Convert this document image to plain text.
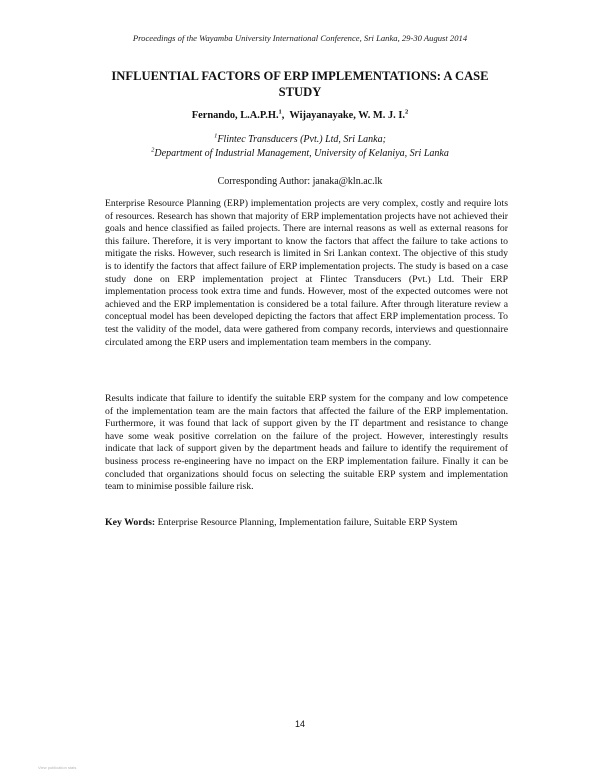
Proceedings of the Wayamba University International Conference, Sri Lanka, 29-30 August 2014
INFLUENTIAL FACTORS OF ERP IMPLEMENTATIONS: A CASE STUDY
Fernando, L.A.P.H.$^1$,  Wijayanayake, W. M. J. I.$^2$
$^1$Flintec Transducers (Pvt.) Ltd, Sri Lanka;
$^2$Department of Industrial Management, University of Kelaniya, Sri Lanka
Corresponding Author: janaka@kln.ac.lk

Enterprise Resource Planning (ERP) implementation projects are very complex, costly and require lots of resources. Research has shown that majority of ERP implementation projects have not achieved their goals and hence classified as failed projects. There are internal reasons as well as external reasons for this failure. Therefore, it is very important to know the factors that affect the failure to take actions to mitigate the risks. However, such research is limited in Sri Lankan context. The objective of this study is to identify the factors that affect failure of ERP implementation projects. The study is based on a case study done on ERP implementation project at Flintec Transducers (Pvt.) Ltd. Their ERP implementation process took extra time and funds. However, most of the expected outcomes were not achieved and the ERP implementation is considered be a total failure. After through literature review a conceptual model has been developed depicting the factors that affect ERP implementation process. To test the validity of the model, data were gathered from company records, interviews and questionnaire circulated among the ERP users and implementation team members in the company.

Results indicate that failure to identify the suitable ERP system for the company and low competence of the implementation team are the main factors that affected the failure of the ERP implementation. Furthermore, it was found that lack of support given by the IT department and resistance to change have some weak positive correlation on the failure of the project. However, interestingly results indicate that lack of support given by the department heads and failure to identify the requirement of business process re-engineering have no impact on the ERP implementation failure. Finally it can be concluded that organizations should focus on selecting the suitable ERP system and implementation team to minimise possible failure risk.

Key Words: Enterprise Resource Planning, Implementation failure, Suitable ERP System
14
View publication stats
